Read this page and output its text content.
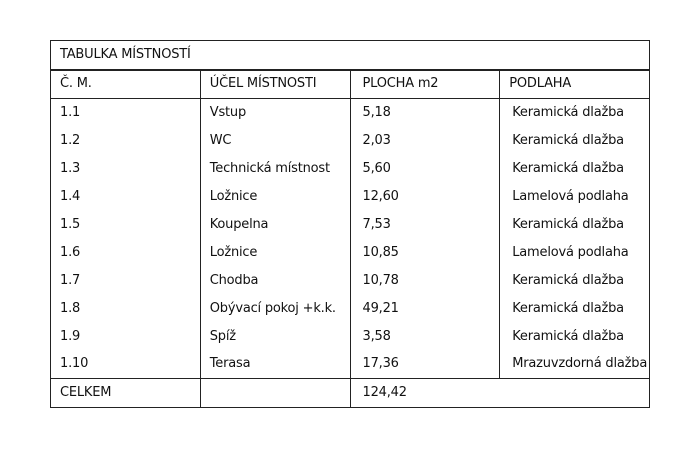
TABULKA MÍSTNOSTÍ			
Č. M.	ÚČEL MÍSTNOSTI	PLOCHA m2	PODLAHA
1.1	Vstup	5,18	Keramická dlažba
1.2	WC	2,03	Keramická dlažba
1.3	Technická místnost	5,60	Keramická dlažba
1.4	Ložnice	12,60	Lamelová podlaha
1.5	Koupelna	7,53	Keramická dlažba
1.6	Ložnice	10,85	Lamelová podlaha
1.7	Chodba	10,78	Keramická dlažba
1.8	Obývací pokoj +k.k.	49,21	Keramická dlažba
1.9	Spíž	3,58	Keramická dlažba
1.10	Terasa	17,36	Mrazuvzdorná dlažba
CELKEM		124,42	
